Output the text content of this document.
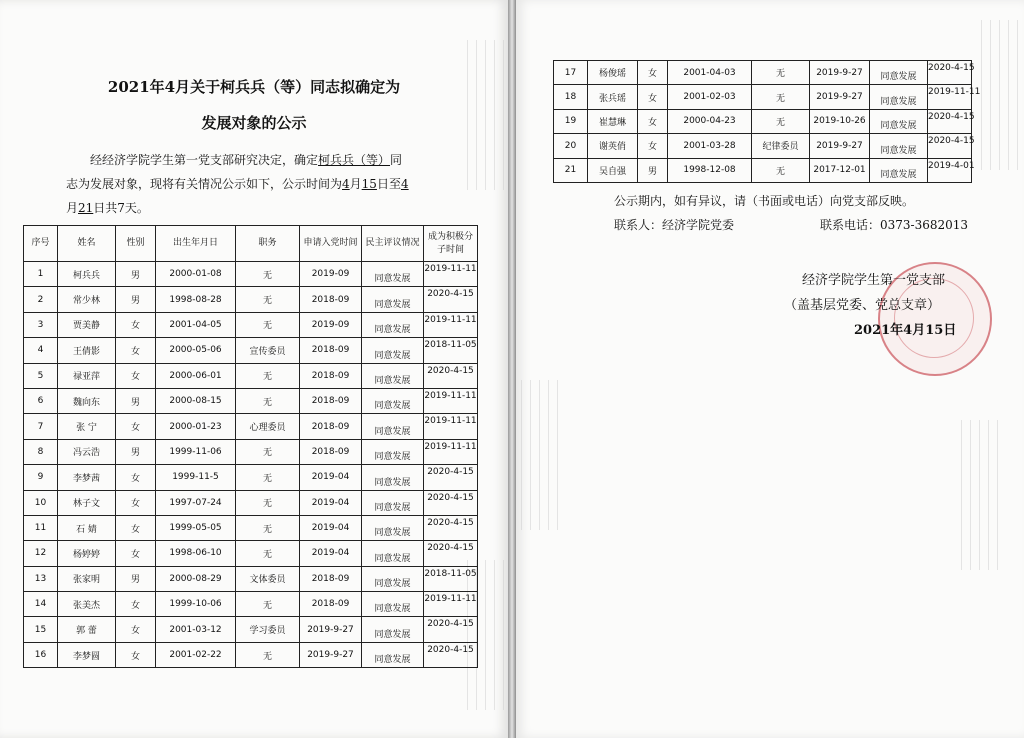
2021年4月关于柯兵兵（等）同志拟确定为
发展对象的公示
经经济学院学生第一党支部研究决定，确定柯兵兵（等）同
志为发展对象，现将有关情况公示如下，公示时间为4月15日至4
月21日共7天。
序号	姓名	性别	出生年月日	职务	申请入党时间	民主评议情况	成为积极分子时间
1	柯兵兵	男	2000-01-08	无	2019-09	同意发展	2019-11-11
2	常少林	男	1998-08-28	无	2018-09	同意发展	2020-4-15
3	贾美静	女	2001-04-05	无	2019-09	同意发展	2019-11-11
4	王倩影	女	2000-05-06	宣传委员	2018-09	同意发展	2018-11-05
5	禄亚萍	女	2000-06-01	无	2018-09	同意发展	2020-4-15
6	魏向东	男	2000-08-15	无	2018-09	同意发展	2019-11-11
7	张 宁	女	2000-01-23	心理委员	2018-09	同意发展	2019-11-11
8	冯云浩	男	1999-11-06	无	2018-09	同意发展	2019-11-11
9	李梦茜	女	1999-11-5	无	2019-04	同意发展	2020-4-15
10	林子文	女	1997-07-24	无	2019-04	同意发展	2020-4-15
11	石 婧	女	1999-05-05	无	2019-04	同意发展	2020-4-15
12	杨婷婷	女	1998-06-10	无	2019-04	同意发展	2020-4-15
13	张家明	男	2000-08-29	文体委员	2018-09	同意发展	2018-11-05
14	张美杰	女	1999-10-06	无	2018-09	同意发展	2019-11-11
15	郭 蕾	女	2001-03-12	学习委员	2019-9-27	同意发展	2020-4-15
16	李梦圆	女	2001-02-22	无	2019-9-27	同意发展	2020-4-15
17	杨俊瑶	女	2001-04-03	无	2019-9-27	同意发展	2020-4-15
18	张兵瑶	女	2001-02-03	无	2019-9-27	同意发展	2019-11-11
19	崔慧琳	女	2000-04-23	无	2019-10-26	同意发展	2020-4-15
20	谢英俏	女	2001-03-28	纪律委员	2019-9-27	同意发展	2020-4-15
21	吴自强	男	1998-12-08	无	2017-12-01	同意发展	2019-4-01
公示期内，如有异议，请（书面或电话）向党支部反映。
联系人：经济学院党委	联系电话：0373-3682013
经济学院学生第一党支部
（盖基层党委、党总支章）
2021年4月15日
